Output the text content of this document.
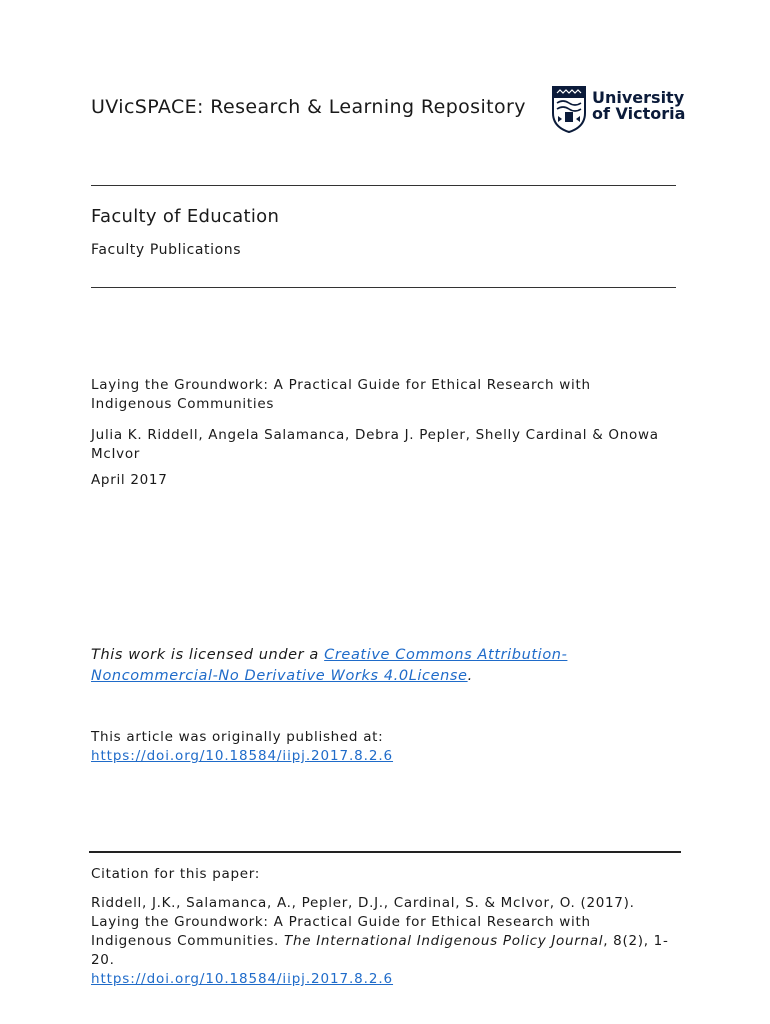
UVicSPACE: Research & Learning Repository	University
of Victoria
Faculty of Education
Faculty Publications
Laying the Groundwork: A Practical Guide for Ethical Research with Indigenous Communities
Julia K. Riddell, Angela Salamanca, Debra J. Pepler, Shelly Cardinal & Onowa McIvor
April 2017
This work is licensed under a Creative Commons Attribution-Noncommercial-No Derivative Works 4.0License.
This article was originally published at:
https://doi.org/10.18584/iipj.2017.8.2.6
Citation for this paper:
Riddell, J.K., Salamanca, A., Pepler, D.J., Cardinal, S. & McIvor, O. (2017). Laying the Groundwork: A Practical Guide for Ethical Research with Indigenous Communities. The International Indigenous Policy Journal, 8(2), 1-20.
https://doi.org/10.18584/iipj.2017.8.2.6
